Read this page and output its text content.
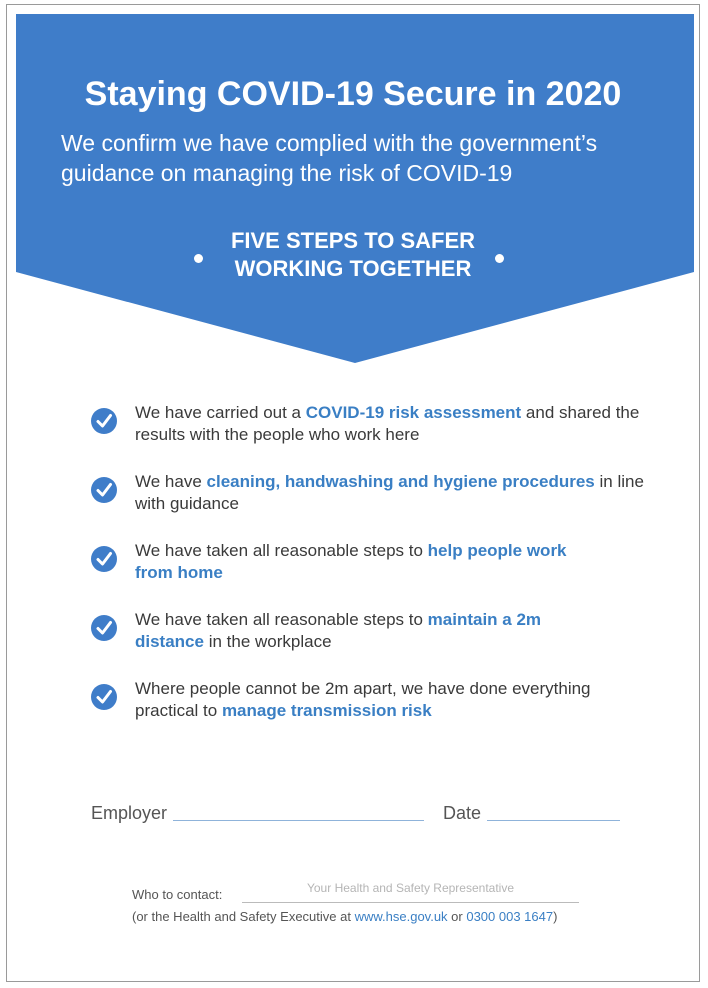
Staying COVID-19 Secure in 2020
We confirm we have complied with the government’s guidance on managing the risk of COVID-19
FIVE STEPS TO SAFER
WORKING TOGETHER
We have carried out a COVID-19 risk assessment and shared the results with the people who work here
We have cleaning, handwashing and hygiene procedures in line with guidance
We have taken all reasonable steps to help people work from home
We have taken all reasonable steps to maintain a 2m distance in the workplace
Where people cannot be 2m apart, we have done everything practical to manage transmission risk
Employer	Date
Who to contact:	Your Health and Safety Representative
(or the Health and Safety Executive at www.hse.gov.uk or 0300 003 1647)
